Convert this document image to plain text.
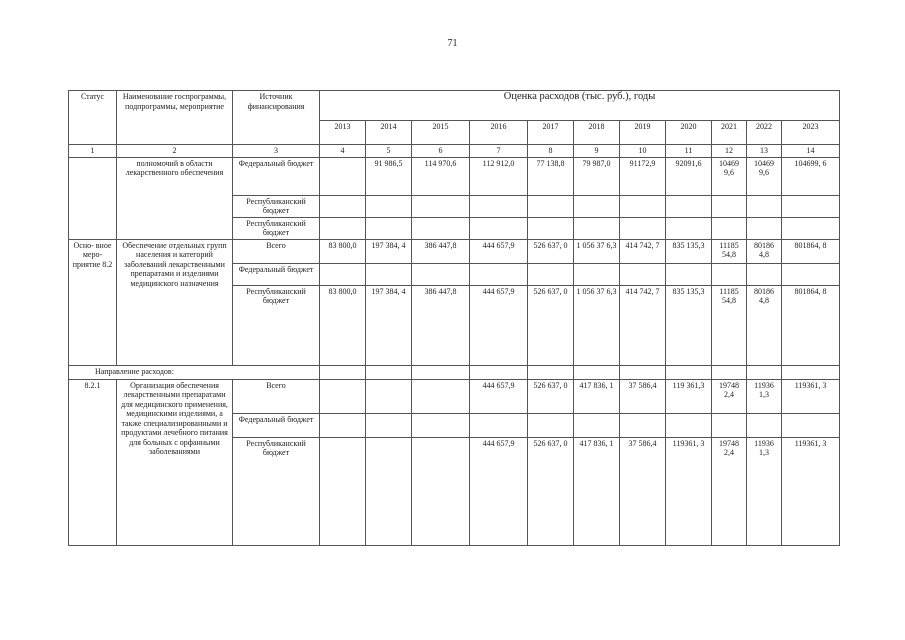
71
Статус	Наименование госпрограммы, подпрограммы, мероприятие	Источник финансирования	Оценка расходов (тыс. руб.), годы										
			2013	2014	2015	2016	2017	2018	2019	2020	2021	2022	2023
1	2	3	4	5	6	7	8	9	10	11	12	13	14
	полномочий в области лекарственного обеспечения	Федеральный бюджет		91 986,5	114 970,6	112 912,0	77 138,8	79 987,0	91172,9	92091,6	10469 9,6	10469 9,6	104699, 6
		Республиканский бюджет											
		Республиканский бюджет											
Осно- вное меро- приятие 8.2	Обеспечение отдельных групп населения и категорий заболеваний лекарственными препаратами и изделиями медицинского назначения	Всего	83 800,0	197 384, 4	386 447,8	444 657,9	526 637, 0	1 056 37 6,3	414 742, 7	835 135,3	11185 54,8	80186 4,8	801864, 8
		Федеральный бюджет											
		Республиканский бюджет	83 800,0	197 384, 4	386 447,8	444 657,9	526 637, 0	1 056 37 6,3	414 742, 7	835 135,3	11185 54,8	80186 4,8	801864, 8
Направление расходов:													
8.2.1	Организация обеспечения лекарственными препаратами для медицинского применения, медицинскими изделиями, а также специализированными и продуктами лечебного питания для больных с орфанными заболеваниями	Всего				444 657,9	526 637, 0	417 836, 1	37 586,4	119 361,3	19748 2,4	11936 1,3	119361, 3
		Федеральный бюджет											
		Республиканский бюджет				444 657,9	526 637, 0	417 836, 1	37 586,4	119361, 3	19748 2,4	11936 1,3	119361, 3
